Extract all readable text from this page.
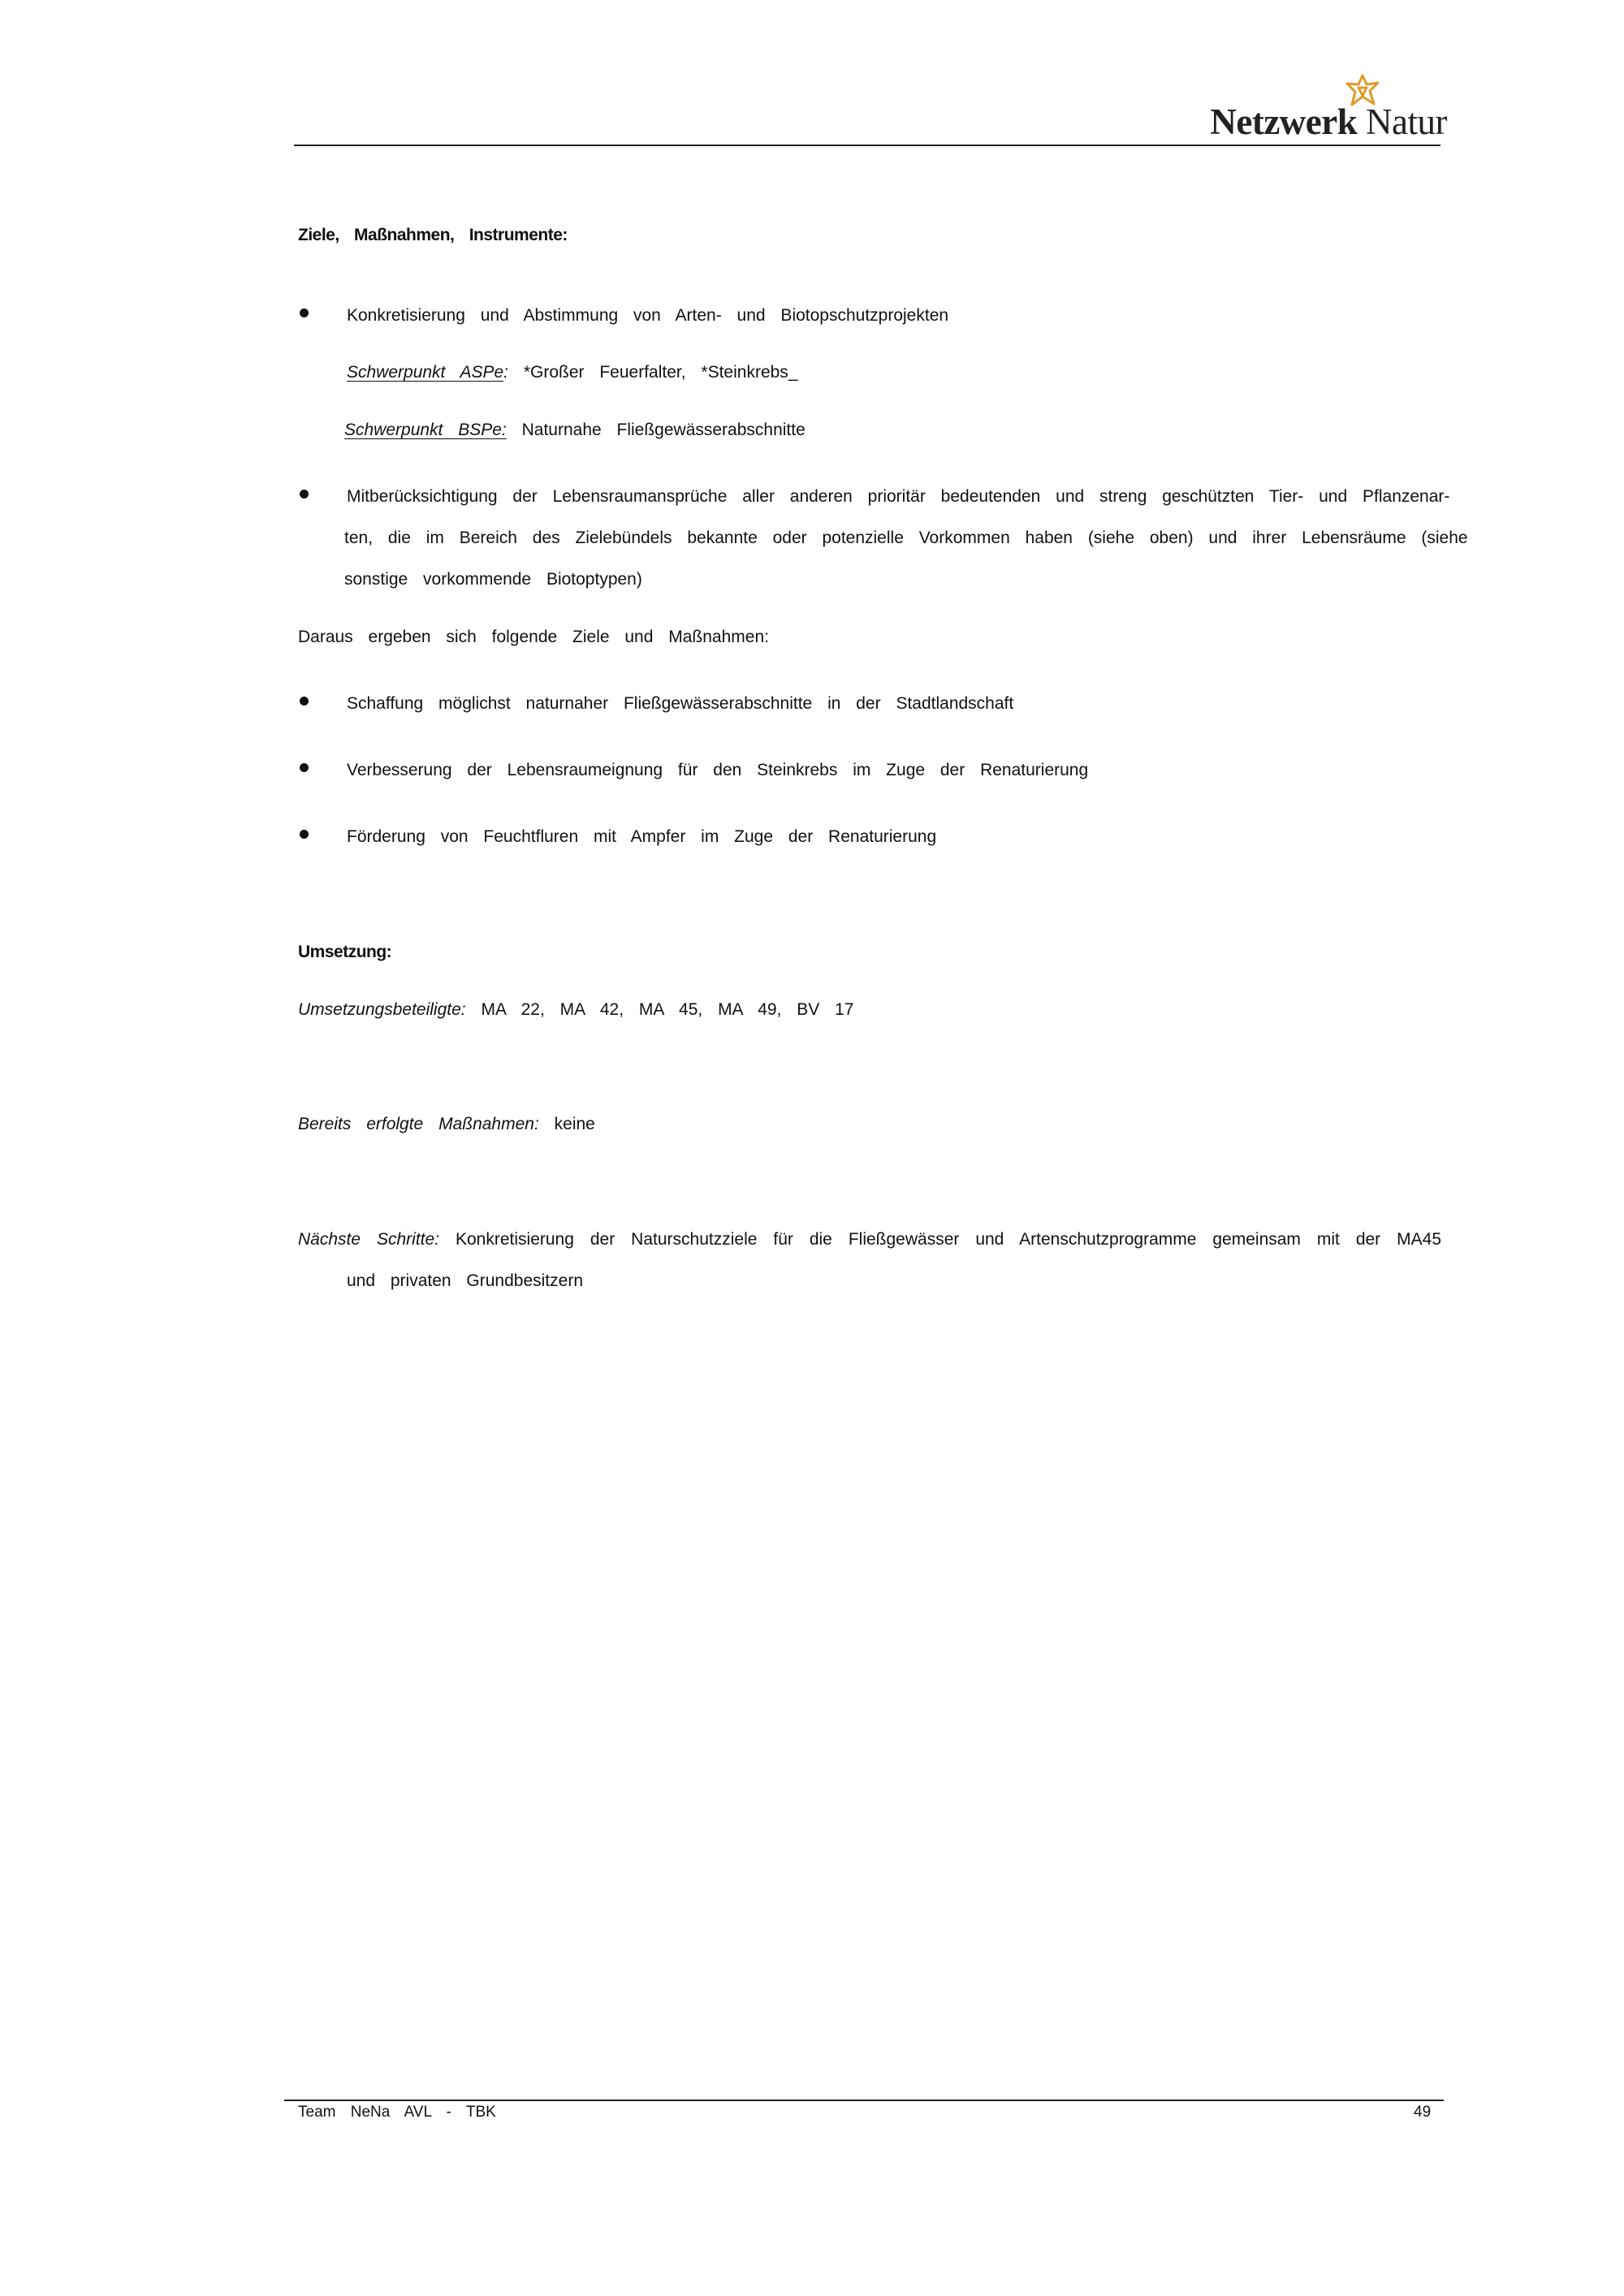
Netzwerk Natur
Ziele, Maßnahmen, Instrumente:
Konkretisierung und Abstimmung von Arten- und Biotopschutzprojekten
Schwerpunkt ASPe: *Großer Feuerfalter, *Steinkrebs_
Schwerpunkt BSPe: Naturnahe Fließgewässerabschnitte
Mitberücksichtigung der Lebensraumansprüche aller anderen prioritär bedeutenden und streng geschützten Tier- und Pflanzenar-
ten, die im Bereich des Zielebündels bekannte oder potenzielle Vorkommen haben (siehe oben) und ihrer Lebensräume (siehe
sonstige vorkommende Biotoptypen)
Daraus ergeben sich folgende Ziele und Maßnahmen:
Schaffung möglichst naturnaher Fließgewässerabschnitte in der Stadtlandschaft
Verbesserung der Lebensraumeignung für den Steinkrebs im Zuge der Renaturierung
Förderung von Feuchtfluren mit Ampfer im Zuge der Renaturierung
Umsetzung:
Umsetzungsbeteiligte: MA 22, MA 42, MA 45, MA 49, BV 17
Bereits erfolgte Maßnahmen: keine
Nächste Schritte: Konkretisierung der Naturschutzziele für die Fließgewässer und Artenschutzprogramme gemeinsam mit der MA45
und privaten Grundbesitzern
Team NeNa AVL - TBK	49
